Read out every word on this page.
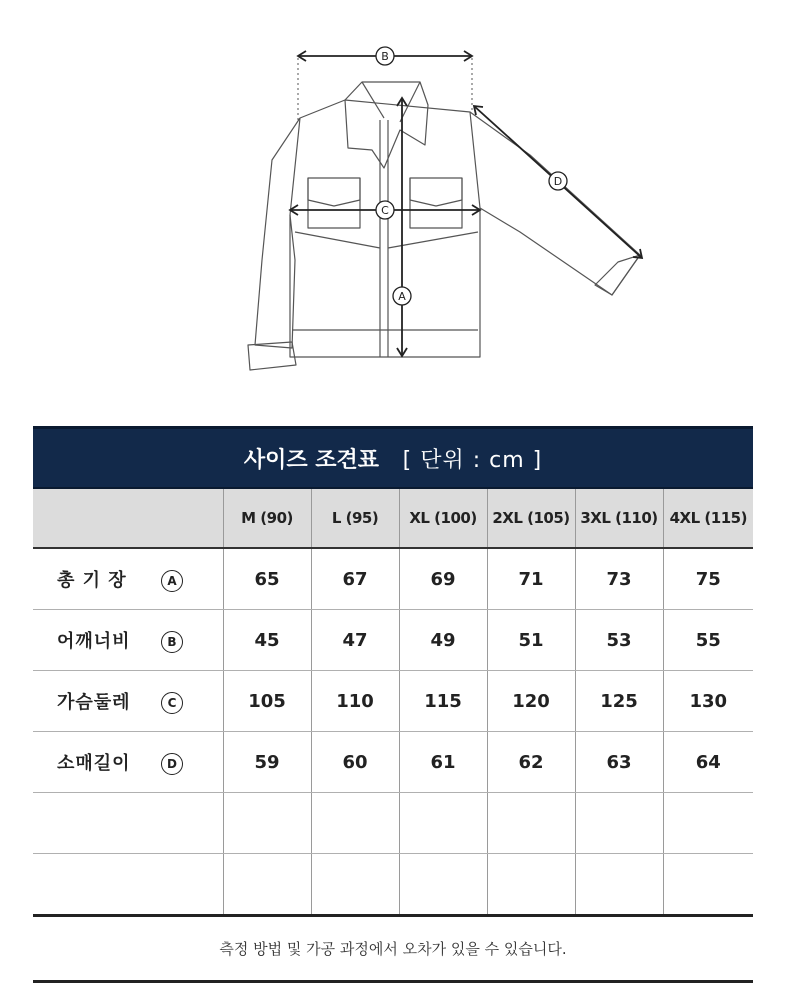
B
C
A
D
사이즈 조견표 [ 단위 : cm ]						
	M (90)	L (95)	XL (100)	2XL (105)	3XL (110)	4XL (115)
총 기 장 A	65	67	69	71	73	75
어깨너비 B	45	47	49	51	53	55
가슴둘레 C	105	110	115	120	125	130
소매길이 D	59	60	61	62	63	64

측정 방법 및 가공 과정에서 오차가 있을 수 있습니다.
